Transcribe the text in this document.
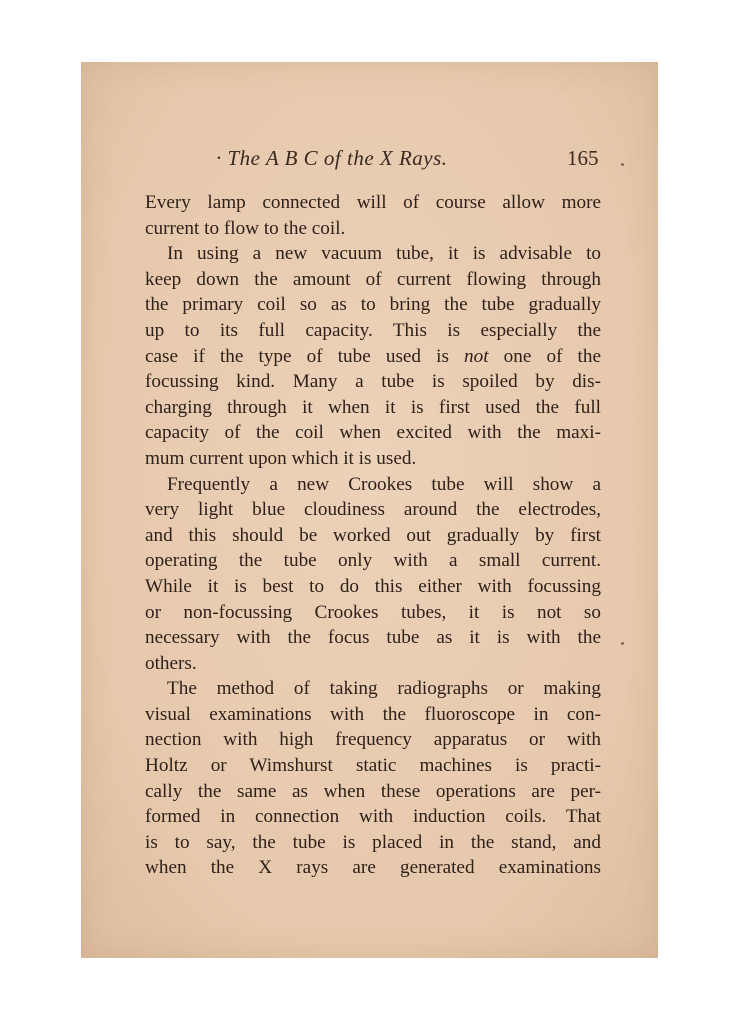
· The A B C of the X Rays.	165
Every lamp connected will of course allow more
current to flow to the coil.
In using a new vacuum tube, it is advisable to
keep down the amount of current flowing through
the primary coil so as to bring the tube gradually
up to its full capacity. This is especially the
case if the type of tube used is not one of the
focussing kind. Many a tube is spoiled by dis-
charging through it when it is first used the full
capacity of the coil when excited with the maxi-
mum current upon which it is used.
Frequently a new Crookes tube will show a
very light blue cloudiness around the electrodes,
and this should be worked out gradually by first
operating the tube only with a small current.
While it is best to do this either with focussing
or non-focussing Crookes tubes, it is not so
necessary with the focus tube as it is with the
others.
The method of taking radiographs or making
visual examinations with the fluoroscope in con-
nection with high frequency apparatus or with
Holtz or Wimshurst static machines is practi-
cally the same as when these operations are per-
formed in connection with induction coils. That
is to say, the tube is placed in the stand, and
when the X rays are generated examinations
